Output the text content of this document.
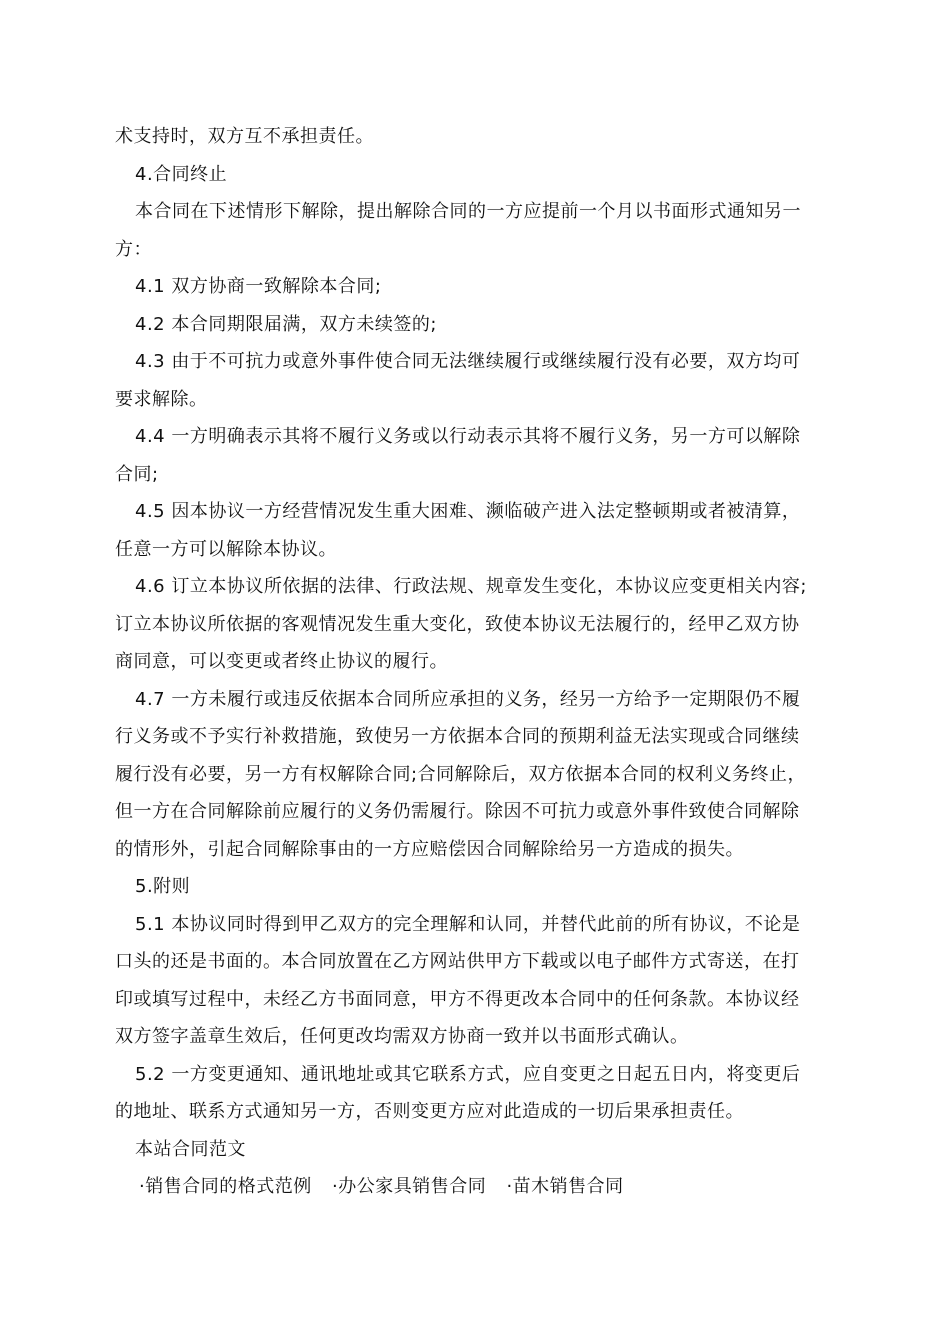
术支持时，双方互不承担责任。
4.合同终止
本合同在下述情形下解除，提出解除合同的一方应提前一个月以书面形式通知另一
方：
4.1 双方协商一致解除本合同;
4.2 本合同期限届满，双方未续签的;
4.3 由于不可抗力或意外事件使合同无法继续履行或继续履行没有必要，双方均可
要求解除。
4.4 一方明确表示其将不履行义务或以行动表示其将不履行义务，另一方可以解除
合同;
4.5 因本协议一方经营情况发生重大困难、濒临破产进入法定整顿期或者被清算，
任意一方可以解除本协议。
4.6 订立本协议所依据的法律、行政法规、规章发生变化，本协议应变更相关内容;
订立本协议所依据的客观情况发生重大变化，致使本协议无法履行的，经甲乙双方协
商同意，可以变更或者终止协议的履行。
4.7 一方未履行或违反依据本合同所应承担的义务，经另一方给予一定期限仍不履
行义务或不予实行补救措施，致使另一方依据本合同的预期利益无法实现或合同继续
履行没有必要，另一方有权解除合同;合同解除后，双方依据本合同的权利义务终止，
但一方在合同解除前应履行的义务仍需履行。除因不可抗力或意外事件致使合同解除
的情形外，引起合同解除事由的一方应赔偿因合同解除给另一方造成的损失。
5.附则
5.1 本协议同时得到甲乙双方的完全理解和认同，并替代此前的所有协议，不论是
口头的还是书面的。本合同放置在乙方网站供甲方下载或以电子邮件方式寄送，在打
印或填写过程中，未经乙方书面同意，甲方不得更改本合同中的任何条款。本协议经
双方签字盖章生效后，任何更改均需双方协商一致并以书面形式确认。
5.2 一方变更通知、通讯地址或其它联系方式，应自变更之日起五日内，将变更后
的地址、联系方式通知另一方，否则变更方应对此造成的一切后果承担责任。
本站合同范文
·销售合同的格式范例 ·办公家具销售合同 ·苗木销售合同
